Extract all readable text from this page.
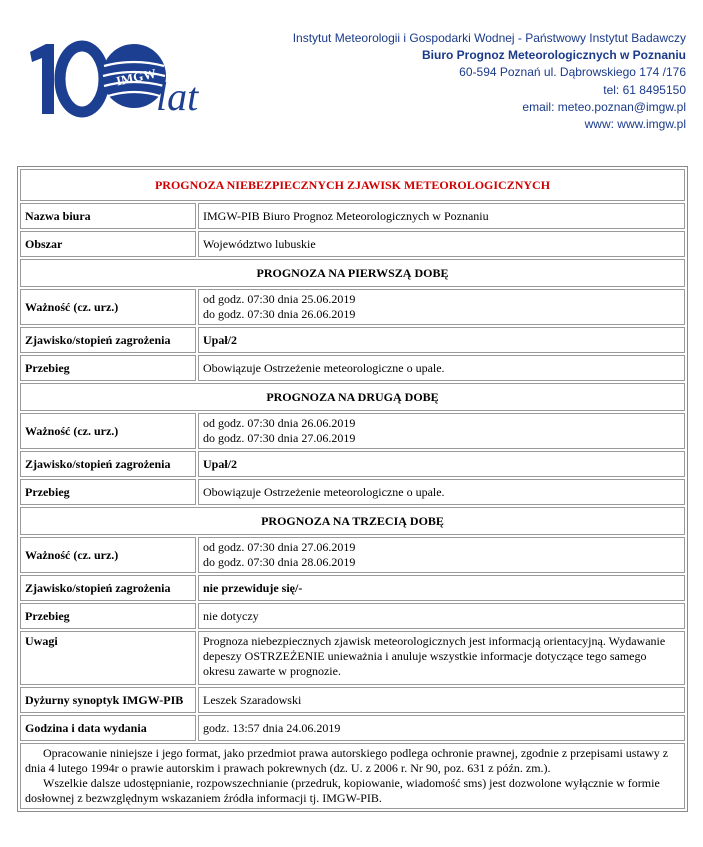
IMGW
lat
Instytut Meteorologii i Gospodarki Wodnej - Państwowy Instytut Badawczy
Biuro Prognoz Meteorologicznych w Poznaniu
60-594 Poznań ul. Dąbrowskiego 174 /176
tel: 61 8495150
email: meteo.poznan@imgw.pl
www: www.imgw.pl
PROGNOZA NIEBEZPIECZNYCH ZJAWISK METEOROLOGICZNYCH	
Nazwa biura	IMGW-PIB Biuro Prognoz Meteorologicznych w Poznaniu
Obszar	Województwo lubuskie
PROGNOZA NA PIERWSZĄ DOBĘ	
Ważność (cz. urz.)	od godz. 07:30 dnia 25.06.2019
do godz. 07:30 dnia 26.06.2019

Zjawisko/stopień zagrożenia	Upał/2
Przebieg	Obowiązuje Ostrzeżenie meteorologiczne o upale.
PROGNOZA NA DRUGĄ DOBĘ	
Ważność (cz. urz.)	od godz. 07:30 dnia 26.06.2019
do godz. 07:30 dnia 27.06.2019

Zjawisko/stopień zagrożenia	Upał/2
Przebieg	Obowiązuje Ostrzeżenie meteorologiczne o upale.
PROGNOZA NA TRZECIĄ DOBĘ	
Ważność (cz. urz.)	od godz. 07:30 dnia 27.06.2019
do godz. 07:30 dnia 28.06.2019

Zjawisko/stopień zagrożenia	nie przewiduje się/-
Przebieg	nie dotyczy
Uwagi	Prognoza niebezpiecznych zjawisk meteorologicznych jest informacją orientacyjną. Wydawanie depeszy OSTRZEŻENIE unieważnia i anuluje wszystkie informacje dotyczące tego samego okresu zawarte w prognozie.
Dyżurny synoptyk IMGW-PIB	Leszek Szaradowski
Godzina i data wydania	godz. 13:57 dnia 24.06.2019

Opracowanie niniejsze i jego format, jako przedmiot prawa autorskiego podlega ochronie prawnej, zgodnie z przepisami ustawy z dnia 4 lutego 1994r o prawie autorskim i prawach pokrewnych (dz. U. z 2006 r. Nr 90, poz. 631 z późn. zm.).

Wszelkie dalsze udostępnianie, rozpowszechnianie (przedruk, kopiowanie, wiadomość sms) jest dozwolone wyłącznie w formie dosłownej z bezwzględnym wskazaniem źródła informacji tj. IMGW-PIB.	
